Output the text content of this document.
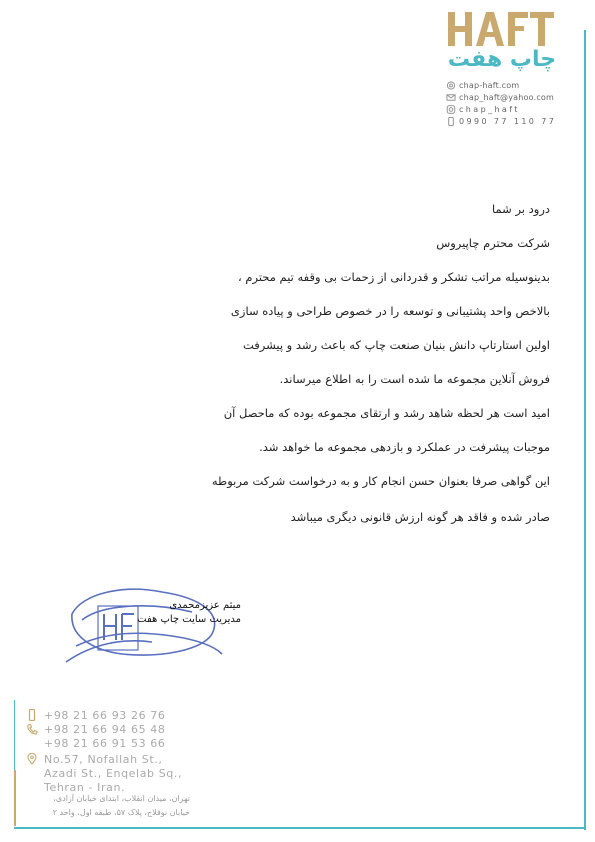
چاپ هفت
chap-haft.com
chap_haft@yahoo.com
chap_haft
0990 77 110 77
درود بر شما
شرکت محترم چاپیروس
بدینوسیله مراتب تشکر و قدردانی از زحمات بی وقفه تیم محترم ،
بالاخص واحد پشتیبانی و توسعه را در خصوص طراحی و پیاده سازی
اولین استارتاپ دانش بنیان صنعت چاپ که باعث رشد و پیشرفت
فروش آنلاین مجموعه ما شده است را به اطلاع میرساند.
امید است هر لحظه شاهد رشد و ارتقای مجموعه بوده که ماحصل آن
موجبات پیشرفت در عملکرد و بازدهی مجموعه ما خواهد شد.
این گواهی صرفا بعنوان حسن انجام کار و به درخواست شرکت مربوطه
صادر شده و فاقد هر گونه ارزش قانونی دیگری میباشد
میثم عزیزمحمدی
مدیریت سایت چاپ هفت
+98 21 66 93 26 76
+98 21 66 94 65 48
+98 21 66 91 53 66
No.57, Nofallah St.,
Azadi St., Enqelab Sq.,
Tehran - Iran.
تهران، میدان انقلاب، ابتدای خیابان آزادی،
خیابان نوفلاح، پلاک ۵۷، طبقه اول، واحد ۲
